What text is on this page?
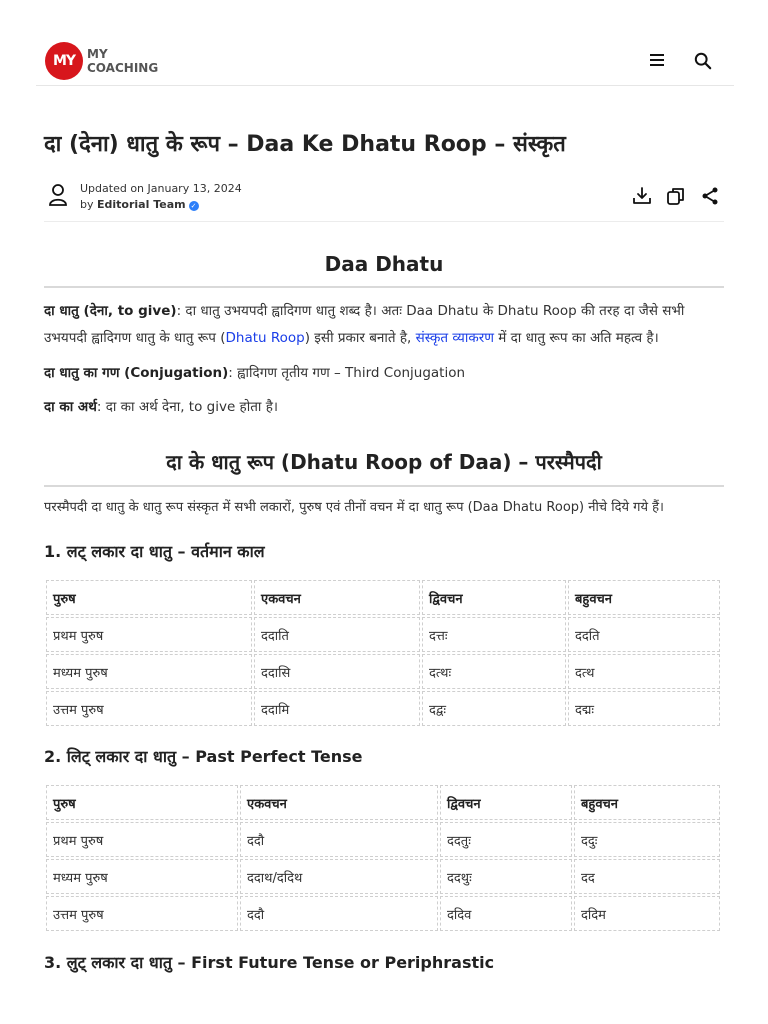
MY MY
COACHING
दा (देना) धातु के रूप – Daa Ke Dhatu Roop – संस्कृत
Updated on January 13, 2024
by Editorial Team ✓
Daa Dhatu

दा धातु (देना, to give): दा धातु उभयपदी ह्वादिगण धातु शब्द है। अतः Daa Dhatu के Dhatu Roop की तरह दा जैसे सभी उभयपदी ह्वादिगण धातु के धातु रूप (Dhatu Roop) इसी प्रकार बनाते है, संस्कृत व्याकरण में दा धातु रूप का अति महत्व है।

दा धातु का गण (Conjugation): ह्वादिगण तृतीय गण – Third Conjugation

दा का अर्थ: दा का अर्थ देना, to give होता है।

दा के धातु रूप (Dhatu Roop of Daa) – परस्मैपदी

परस्मैपदी दा धातु के धातु रूप संस्कृत में सभी लकारों, पुरुष एवं तीनों वचन में दा धातु रूप (Daa Dhatu Roop) नीचे दिये गये हैं।

1. लट् लकार दा धातु – वर्तमान काल
पुरुष	एकवचन	द्विवचन	बहुवचन
प्रथम पुरुष	ददाति	दत्तः	ददति
मध्यम पुरुष	ददासि	दत्थः	दत्थ
उत्तम पुरुष	ददामि	दद्वः	दद्मः
2. लिट् लकार दा धातु – Past Perfect Tense
पुरुष	एकवचन	द्विवचन	बहुवचन
प्रथम पुरुष	ददौ	ददतुः	ददुः
मध्यम पुरुष	ददाथ/ददिथ	ददथुः	दद
उत्तम पुरुष	ददौ	ददिव	ददिम
3. लुट् लकार दा धातु – First Future Tense or Periphrastic
